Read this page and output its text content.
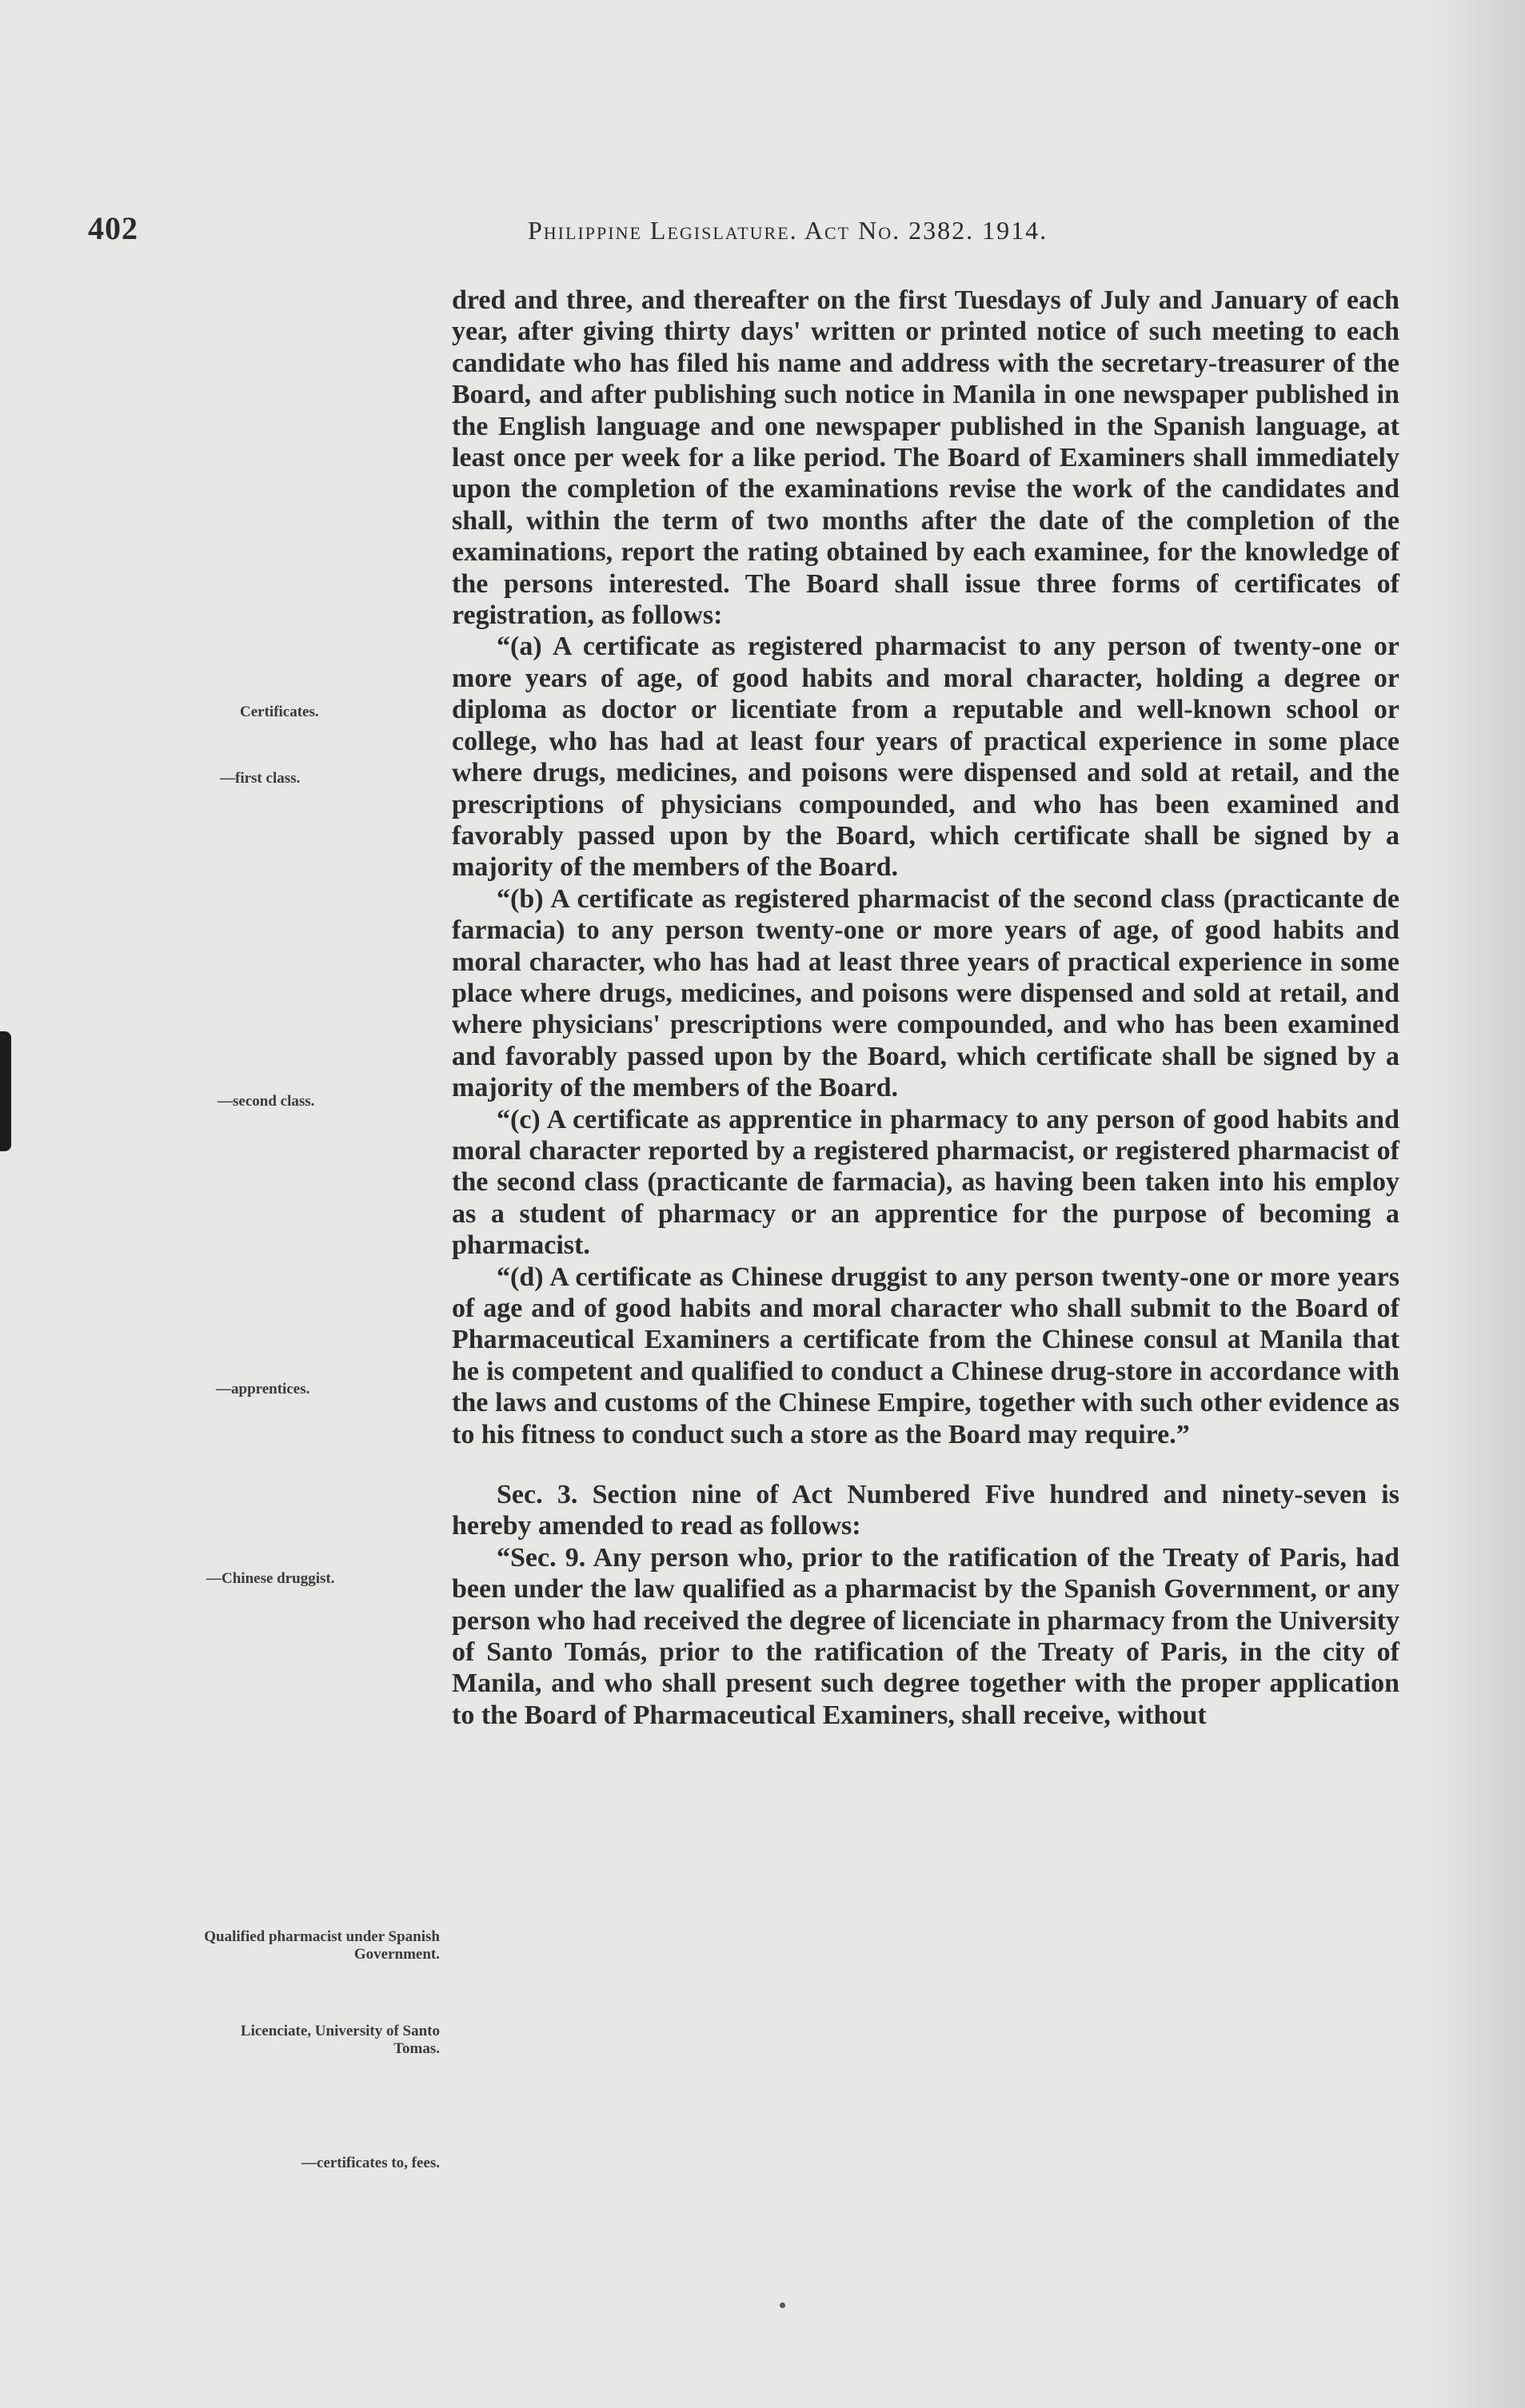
402	Philippine Legislature. Act No. 2382. 1914.
Certificates.
—first class.
—second class.
—apprentices.
—Chinese druggist.
Qualified pharmacist under Spanish Government.
Licenciate, University of Santo Tomas.
—certificates to, fees.

dred and three, and thereafter on the first Tuesdays of July and January of each year, after giving thirty days' written or printed notice of such meeting to each candidate who has filed his name and address with the secretary-treasurer of the Board, and after publishing such notice in Manila in one newspaper published in the English language and one newspaper published in the Spanish language, at least once per week for a like period. The Board of Examiners shall immediately upon the completion of the examinations revise the work of the candidates and shall, within the term of two months after the date of the completion of the examinations, report the rating obtained by each examinee, for the knowledge of the persons interested. The Board shall issue three forms of certificates of registration, as follows:

“(a) A certificate as registered pharmacist to any person of twenty-one or more years of age, of good habits and moral character, holding a degree or diploma as doctor or licentiate from a reputable and well-known school or college, who has had at least four years of practical experience in some place where drugs, medicines, and poisons were dispensed and sold at retail, and the prescriptions of physicians compounded, and who has been examined and favorably passed upon by the Board, which certificate shall be signed by a majority of the members of the Board.

“(b) A certificate as registered pharmacist of the second class (practicante de farmacia) to any person twenty-one or more years of age, of good habits and moral character, who has had at least three years of practical experience in some place where drugs, medicines, and poisons were dispensed and sold at retail, and where physicians' prescriptions were compounded, and who has been examined and favorably passed upon by the Board, which certificate shall be signed by a majority of the members of the Board.

“(c) A certificate as apprentice in pharmacy to any person of good habits and moral character reported by a registered pharmacist, or registered pharmacist of the second class (practicante de farmacia), as having been taken into his employ as a student of pharmacy or an apprentice for the purpose of becoming a pharmacist.

“(d) A certificate as Chinese druggist to any person twenty-one or more years of age and of good habits and moral character who shall submit to the Board of Pharmaceutical Examiners a certificate from the Chinese consul at Manila that he is competent and qualified to conduct a Chinese drug-store in accordance with the laws and customs of the Chinese Empire, together with such other evidence as to his fitness to conduct such a store as the Board may require.”

Sec. 3. Section nine of Act Numbered Five hundred and ninety-seven is hereby amended to read as follows:

“Sec. 9. Any person who, prior to the ratification of the Treaty of Paris, had been under the law qualified as a pharmacist by the Spanish Government, or any person who had received the degree of licenciate in pharmacy from the University of Santo Tomás, prior to the ratification of the Treaty of Paris, in the city of Manila, and who shall present such degree together with the proper application to the Board of Pharmaceutical Examiners, shall receive, without
